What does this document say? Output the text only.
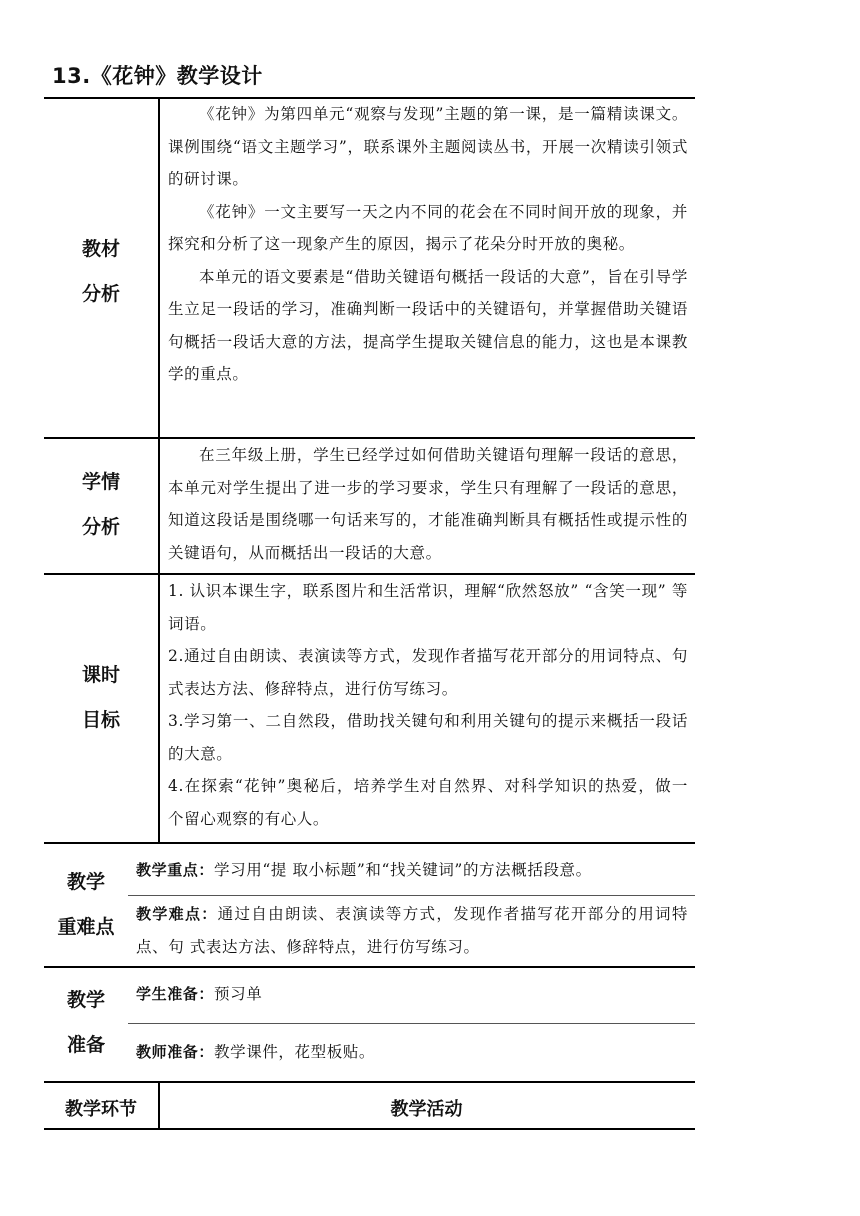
13.《花钟》教学设计
教材
分析

《花钟》为第四单元“观察与发现”主题的第一课，是一篇精读课文。课例围绕“语文主题学习”，联系课外主题阅读丛书，开展一次精读引领式的研讨课。

《花钟》一文主要写一天之内不同的花会在不同时间开放的现象，并探究和分析了这一现象产生的原因，揭示了花朵分时开放的奥秘。

本单元的语文要素是“借助关键语句概括一段话的大意”，旨在引导学生立足一段话的学习，准确判断一段话中的关键语句，并掌握借助关键语句概括一段话大意的方法，提高学生提取关键信息的能力，这也是本课教学的重点。

学情
分析

在三年级上册，学生已经学过如何借助关键语句理解一段话的意思，本单元对学生提出了进一步的学习要求，学生只有理解了一段话的意思，知道这段话是围绕哪一句话来写的，才能准确判断具有概括性或提示性的关键语句，从而概括出一段话的大意。

课时
目标

1. 认识本课生字，联系图片和生活常识，理解“欣然怒放” “含笑一现” 等词语。

2.通过自由朗读、表演读等方式，发现作者描写花开部分的用词特点、句 式表达方法、修辞特点，进行仿写练习。

3.学习第一、二自然段，借助找关键句和利用关键句的提示来概括一段话的大意。

4.在探索“花钟”奥秘后，培养学生对自然界、对科学知识的热爱，做一 个留心观察的有心人。

教学
重难点
教学重点：学习用“提 取小标题”和“找关键词”的方法概括段意。
教学难点：通过自由朗读、表演读等方式，发现作者描写花开部分的用词特点、句 式表达方法、修辞特点，进行仿写练习。
教学
准备
学生准备：预习单
教师准备：教学课件，花型板贴。
教学环节	教学活动
